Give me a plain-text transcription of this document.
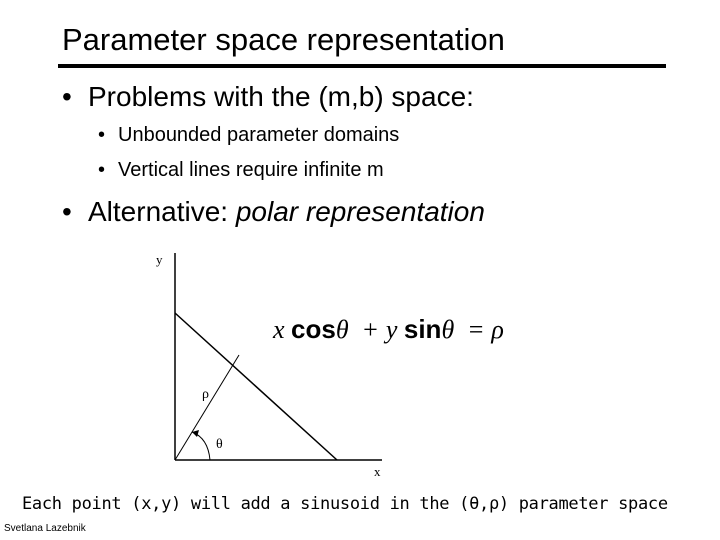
Parameter space representation
• Problems with the (m,b) space:
• Unbounded parameter domains
• Vertical lines require infinite m
• Alternative: polar representation
y
x
ρ
θ
x cosθ + y sinθ = ρ
Each point (x,y) will add a sinusoid in the (θ,ρ) parameter space
Svetlana Lazebnik
